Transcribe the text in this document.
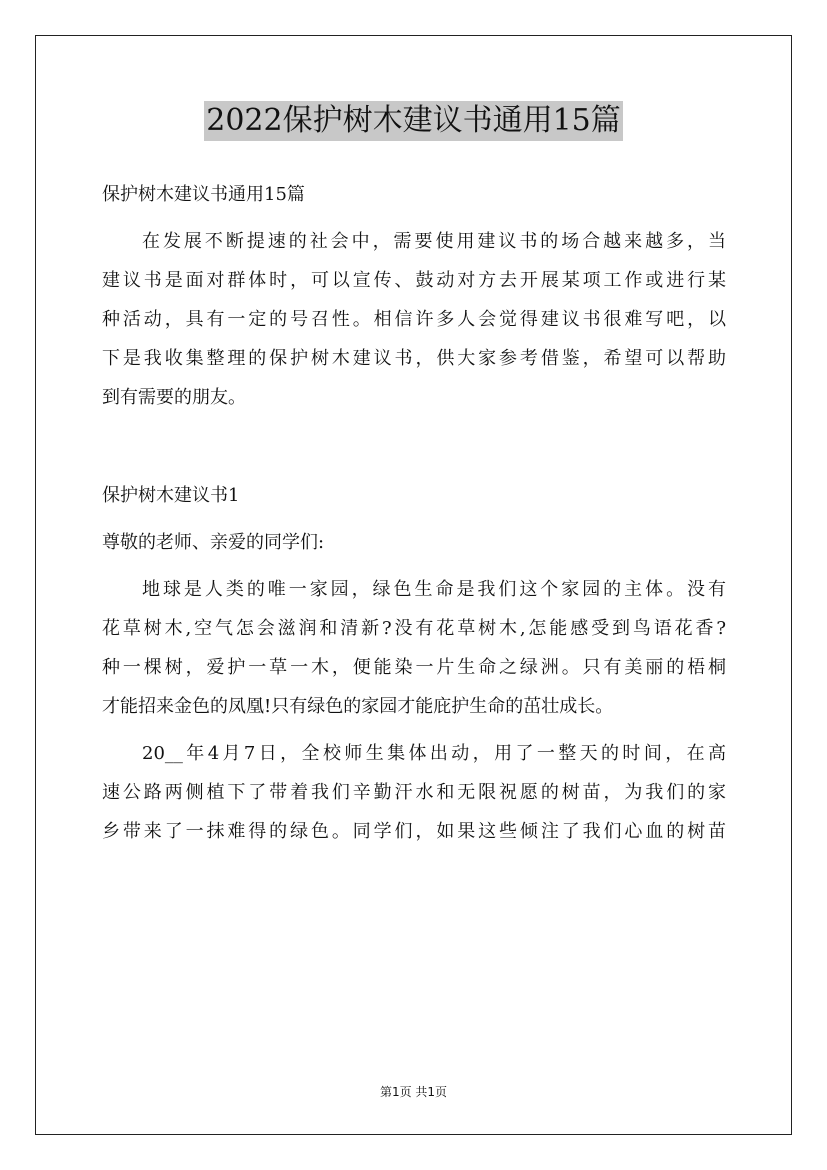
2022保护树木建议书通用15篇
保护树木建议书通用15篇
在发展不断提速的社会中，需要使用建议书的场合越来越多，当
建议书是面对群体时，可以宣传、鼓动对方去开展某项工作或进行某
种活动，具有一定的号召性。相信许多人会觉得建议书很难写吧，以
下是我收集整理的保护树木建议书，供大家参考借鉴，希望可以帮助
到有需要的朋友。
保护树木建议书1
尊敬的老师、亲爱的同学们:
地球是人类的唯一家园，绿色生命是我们这个家园的主体。没有
花草树木,空气怎会滋润和清新?没有花草树木,怎能感受到鸟语花香?
种一棵树，爱护一草一木，便能染一片生命之绿洲。只有美丽的梧桐
才能招来金色的凤凰!只有绿色的家园才能庇护生命的茁壮成长。
20__年4月7日，全校师生集体出动，用了一整天的时间，在高
速公路两侧植下了带着我们辛勤汗水和无限祝愿的树苗，为我们的家
乡带来了一抹难得的绿色。同学们，如果这些倾注了我们心血的树苗
第1页 共1页
